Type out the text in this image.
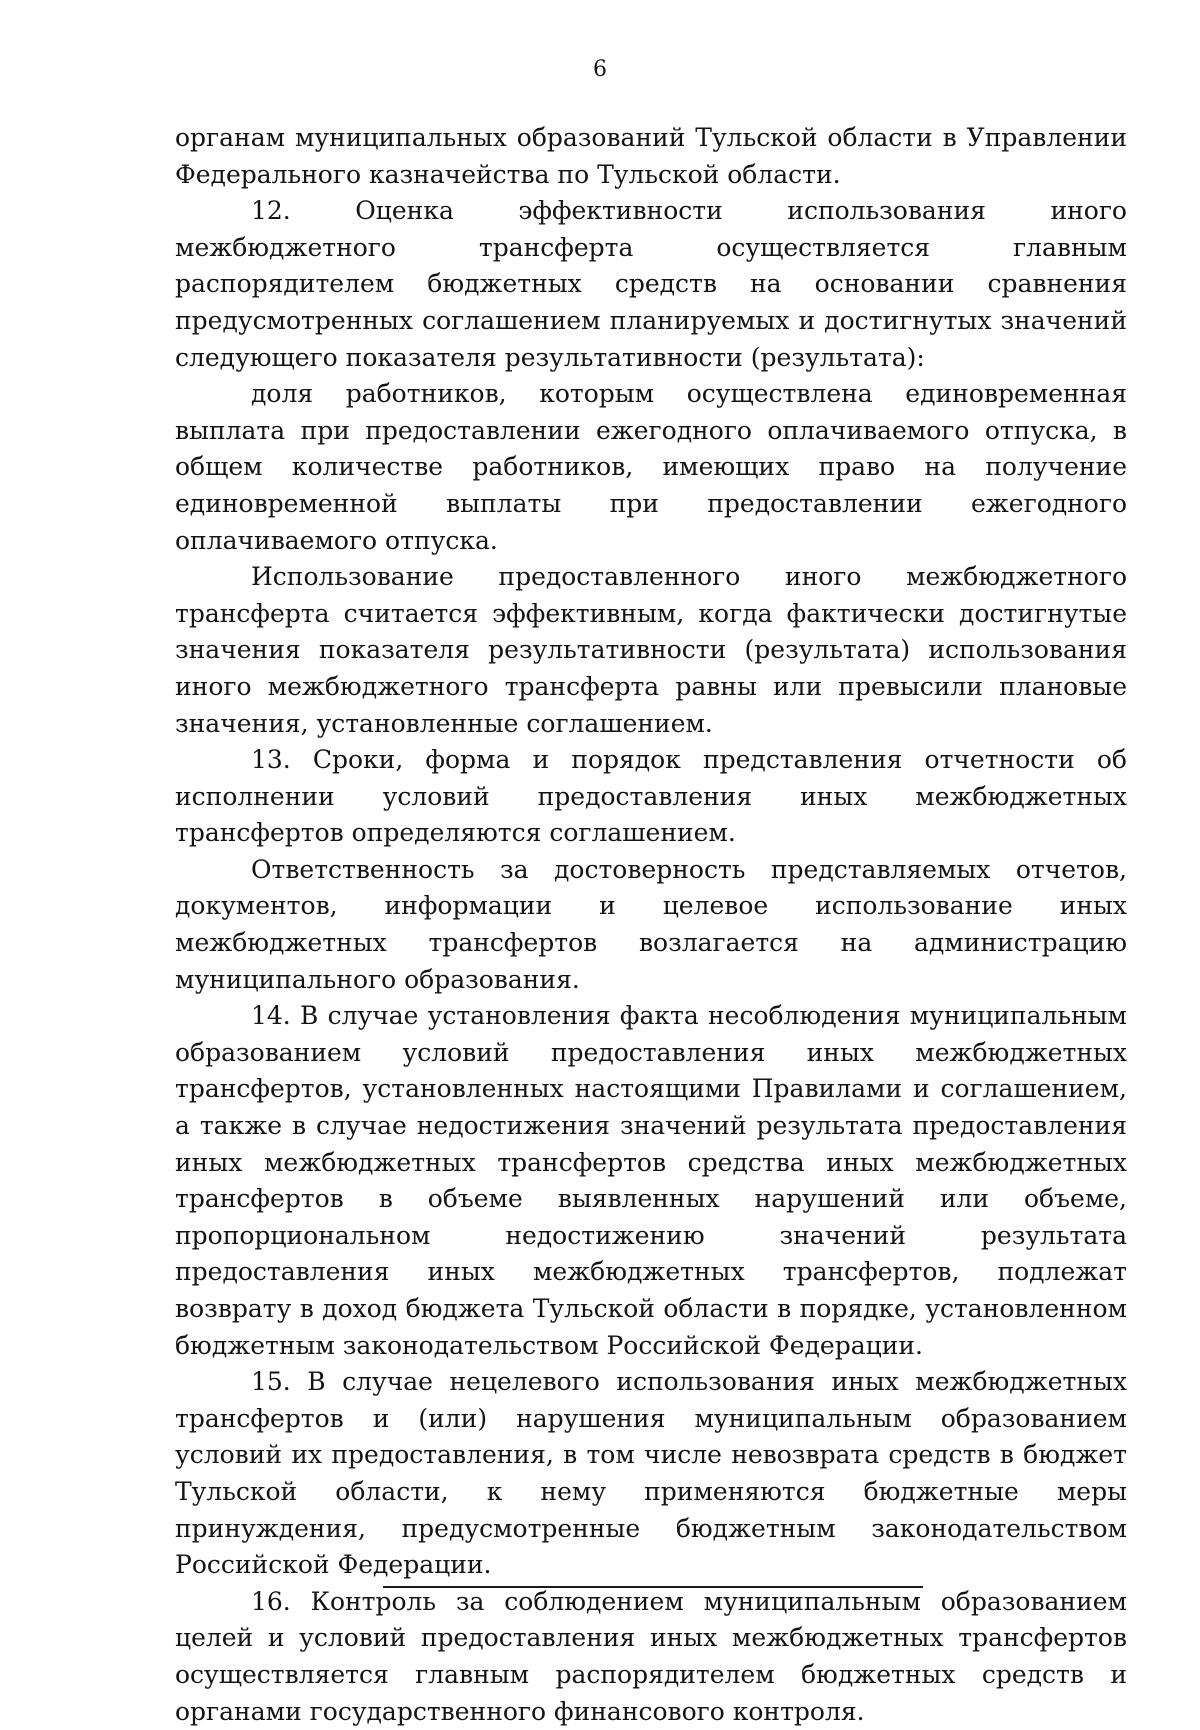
6

органам муниципальных образований Тульской области в Управлении Федерального казначейства по Тульской области.

12. Оценка эффективности использования иного межбюджетного трансферта осуществляется главным распорядителем бюджетных средств на основании сравнения предусмотренных соглашением планируемых и достигнутых значений следующего показателя результативности (результата):

доля работников, которым осуществлена единовременная выплата при предоставлении ежегодного оплачиваемого отпуска, в общем количестве работников, имеющих право на получение единовременной выплаты при предоставлении ежегодного оплачиваемого отпуска.

Использование предоставленного иного межбюджетного трансферта считается эффективным, когда фактически достигнутые значения показателя результативности (результата) использования иного межбюджетного трансферта равны или превысили плановые значения, установленные соглашением.

13. Сроки, форма и порядок представления отчетности об исполнении условий предоставления иных межбюджетных трансфертов определяются соглашением.

Ответственность за достоверность представляемых отчетов, документов, информации и целевое использование иных межбюджетных трансфертов возлагается на администрацию муниципального образования.

14. В случае установления факта несоблюдения муниципальным образованием условий предоставления иных межбюджетных трансфертов, установленных настоящими Правилами и соглашением, а также в случае недостижения значений результата предоставления иных межбюджетных трансфертов средства иных межбюджетных трансфертов в объеме выявленных нарушений или объеме, пропорциональном недостижению значений результата предоставления иных межбюджетных трансфертов, подлежат возврату в доход бюджета Тульской области в порядке, установленном бюджетным законодательством Российской Федерации.

15. В случае нецелевого использования иных межбюджетных трансфертов и (или) нарушения муниципальным образованием условий их предоставления, в том числе невозврата средств в бюджет Тульской области, к нему применяются бюджетные меры принуждения, предусмотренные бюджетным законодательством Российской Федерации.

16. Контроль за соблюдением муниципальным образованием целей и условий предоставления иных межбюджетных трансфертов осуществляется главным распорядителем бюджетных средств и органами государственного финансового контроля.
